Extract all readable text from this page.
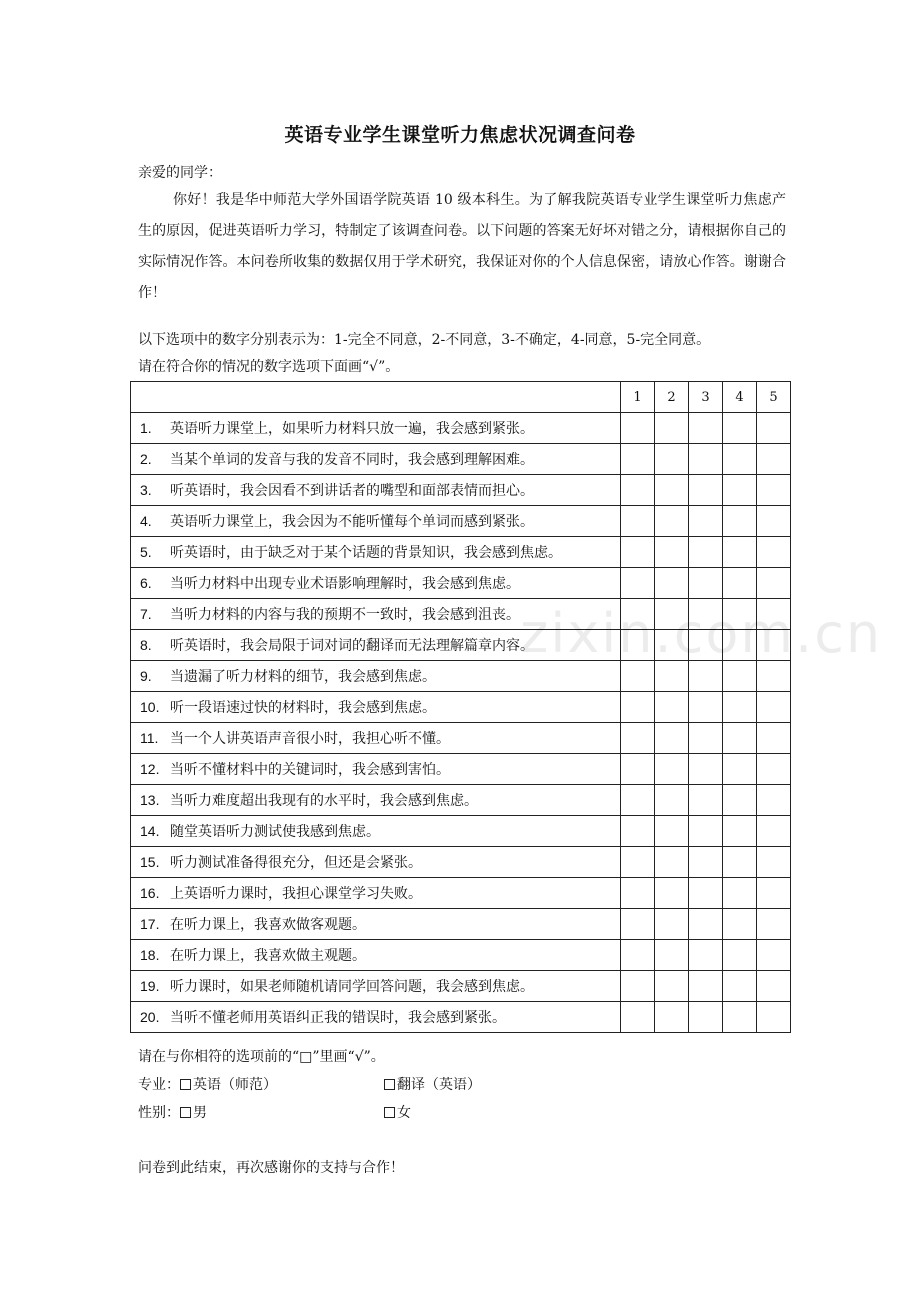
英语专业学生课堂听力焦虑状况调查问卷
亲爱的同学：
你好！我是华中师范大学外国语学院英语 10 级本科生。为了解我院英语专业学生课堂听力焦虑产生的原因，促进英语听力学习，特制定了该调查问卷。以下问题的答案无好坏对错之分，请根据你自己的实际情况作答。本问卷所收集的数据仅用于学术研究，我保证对你的个人信息保密，请放心作答。谢谢合作！
以下选项中的数字分别表示为：1-完全不同意，2-不同意，3-不确定，4-同意，5-完全同意。
请在符合你的情况的数字选项下面画“√”。
	1	2	3	4	5
1. 英语听力课堂上，如果听力材料只放一遍，我会感到紧张。					
2. 当某个单词的发音与我的发音不同时，我会感到理解困难。					
3. 听英语时，我会因看不到讲话者的嘴型和面部表情而担心。					
4. 英语听力课堂上，我会因为不能听懂每个单词而感到紧张。					
5. 听英语时，由于缺乏对于某个话题的背景知识，我会感到焦虑。					
6. 当听力材料中出现专业术语影响理解时，我会感到焦虑。					
7. 当听力材料的内容与我的预期不一致时，我会感到沮丧。					
8. 听英语时，我会局限于词对词的翻译而无法理解篇章内容。					
9. 当遗漏了听力材料的细节，我会感到焦虑。					
10. 听一段语速过快的材料时，我会感到焦虑。					
11. 当一个人讲英语声音很小时，我担心听不懂。					
12. 当听不懂材料中的关键词时，我会感到害怕。					
13. 当听力难度超出我现有的水平时，我会感到焦虑。					
14. 随堂英语听力测试使我感到焦虑。					
15. 听力测试准备得很充分，但还是会紧张。					
16. 上英语听力课时，我担心课堂学习失败。					
17. 在听力课上，我喜欢做客观题。					
18. 在听力课上，我喜欢做主观题。					
19. 听力课时，如果老师随机请同学回答问题，我会感到焦虑。					
20. 当听不懂老师用英语纠正我的错误时，我会感到紧张。					
请在与你相符的选项前的“□”里画“√”。
专业： 英语（师范）	翻译（英语）
性别： 男	女
问卷到此结束，再次感谢你的支持与合作！
zixin.com.cn
